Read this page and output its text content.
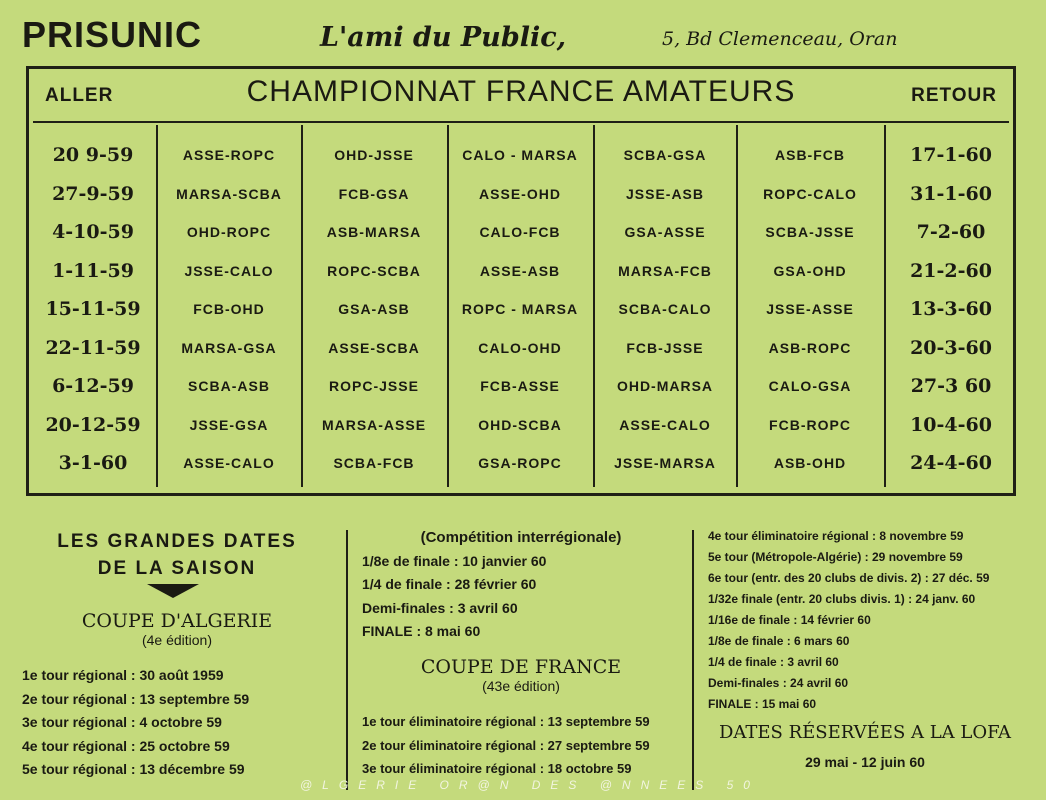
PRISUNIC	L'ami du Public,	5, Bd Clemenceau, Oran
ALLER	CHAMPIONNAT FRANCE AMATEURS	RETOUR
20 9-59	ASSE-ROPC	OHD-JSSE	CALO - MARSA	SCBA-GSA	ASB-FCB	17-1-60
27-9-59	MARSA-SCBA	FCB-GSA	ASSE-OHD	JSSE-ASB	ROPC-CALO	31-1-60
4-10-59	OHD-ROPC	ASB-MARSA	CALO-FCB	GSA-ASSE	SCBA-JSSE	7-2-60
1-11-59	JSSE-CALO	ROPC-SCBA	ASSE-ASB	MARSA-FCB	GSA-OHD	21-2-60
15-11-59	FCB-OHD	GSA-ASB	ROPC - MARSA	SCBA-CALO	JSSE-ASSE	13-3-60
22-11-59	MARSA-GSA	ASSE-SCBA	CALO-OHD	FCB-JSSE	ASB-ROPC	20-3-60
6-12-59	SCBA-ASB	ROPC-JSSE	FCB-ASSE	OHD-MARSA	CALO-GSA	27-3 60
20-12-59	JSSE-GSA	MARSA-ASSE	OHD-SCBA	ASSE-CALO	FCB-ROPC	10-4-60
3-1-60	ASSE-CALO	SCBA-FCB	GSA-ROPC	JSSE-MARSA	ASB-OHD	24-4-60
LES GRANDES DATES
DE LA SAISON
COUPE D'ALGERIE
(4e édition)
1e tour régional : 30 août 1959
2e tour régional : 13 septembre 59
3e tour régional : 4 octobre 59
4e tour régional : 25 octobre 59
5e tour régional : 13 décembre 59
(Compétition interrégionale)
1/8e de finale : 10 janvier 60
1/4 de finale : 28 février 60
Demi-finales : 3 avril 60
FINALE : 8 mai 60
COUPE DE FRANCE
(43e édition)
1e tour éliminatoire régional : 13 septembre 59
2e tour éliminatoire régional : 27 septembre 59
3e tour éliminatoire régional : 18 octobre 59
4e tour éliminatoire régional : 8 novembre 59
5e tour (Métropole-Algérie) : 29 novembre 59
6e tour (entr. des 20 clubs de divis. 2) : 27 déc. 59
1/32e finale (entr. 20 clubs divis. 1) : 24 janv. 60
1/16e de finale : 14 février 60
1/8e de finale : 6 mars 60
1/4 de finale : 3 avril 60
Demi-finales : 24 avril 60
FINALE : 15 mai 60
DATES RÉSERVÉES A LA LOFA
29 mai - 12 juin 60
@LGERIE OR@N DES @NNEES 50
